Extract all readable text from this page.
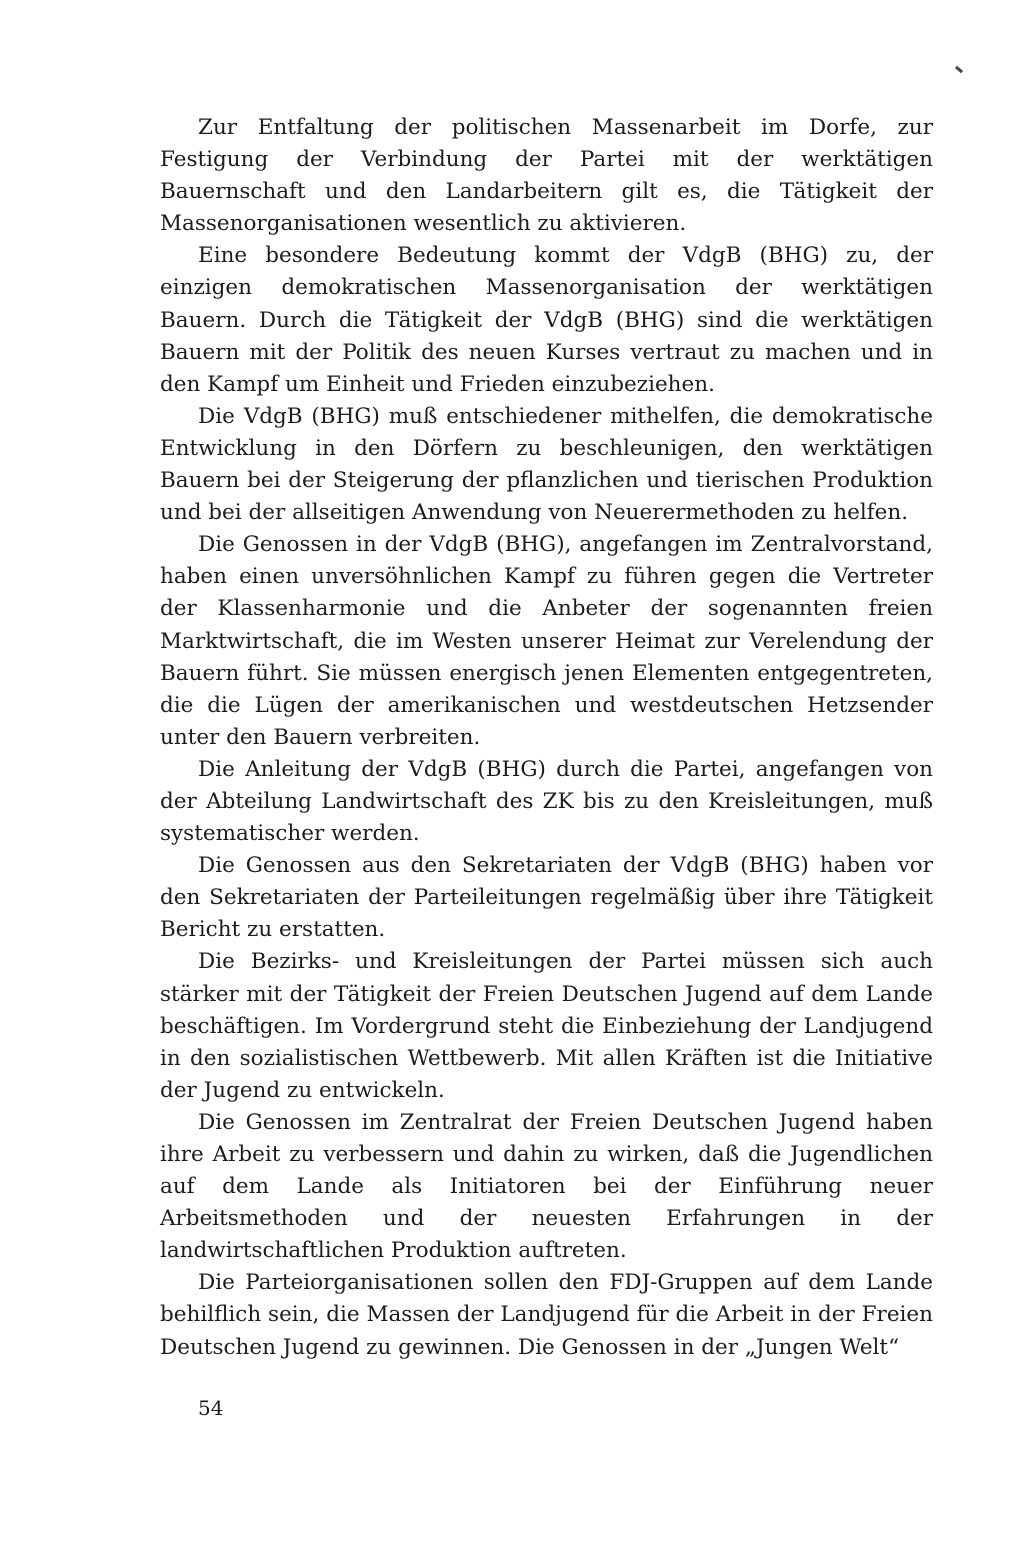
Zur Entfaltung der politischen Massenarbeit im Dorfe, zur Festigung der Verbindung der Partei mit der werktätigen Bauernschaft und den Landarbeitern gilt es, die Tätigkeit der Massenorganisationen wesentlich zu aktivieren.

Eine besondere Bedeutung kommt der VdgB (BHG) zu, der einzigen demokratischen Massenorganisation der werktätigen Bauern. Durch die Tätigkeit der VdgB (BHG) sind die werktätigen Bauern mit der Politik des neuen Kurses vertraut zu machen und in den Kampf um Einheit und Frieden einzubeziehen.

Die VdgB (BHG) muß entschiedener mithelfen, die demokratische Entwicklung in den Dörfern zu beschleunigen, den werktätigen Bauern bei der Steigerung der pflanzlichen und tierischen Produktion und bei der allseitigen Anwendung von Neuerermethoden zu helfen.

Die Genossen in der VdgB (BHG), angefangen im Zentralvorstand, haben einen unversöhnlichen Kampf zu führen gegen die Vertreter der Klassenharmonie und die Anbeter der sogenannten freien Marktwirtschaft, die im Westen unserer Heimat zur Verelendung der Bauern führt. Sie müssen energisch jenen Elementen entgegentreten, die die Lügen der amerikanischen und westdeutschen Hetzsender unter den Bauern verbreiten.

Die Anleitung der VdgB (BHG) durch die Partei, angefangen von der Abteilung Landwirtschaft des ZK bis zu den Kreisleitungen, muß systematischer werden.

Die Genossen aus den Sekretariaten der VdgB (BHG) haben vor den Sekretariaten der Parteileitungen regelmäßig über ihre Tätigkeit Bericht zu erstatten.

Die Bezirks- und Kreisleitungen der Partei müssen sich auch stärker mit der Tätigkeit der Freien Deutschen Jugend auf dem Lande beschäftigen. Im Vordergrund steht die Einbeziehung der Landjugend in den sozialistischen Wettbewerb. Mit allen Kräften ist die Initiative der Jugend zu entwickeln.

Die Genossen im Zentralrat der Freien Deutschen Jugend haben ihre Arbeit zu verbessern und dahin zu wirken, daß die Jugendlichen auf dem Lande als Initiatoren bei der Einführung neuer Arbeitsmethoden und der neuesten Erfahrungen in der landwirtschaftlichen Produktion auftreten.

Die Parteiorganisationen sollen den FDJ-Gruppen auf dem Lande behilflich sein, die Massen der Landjugend für die Arbeit in der Freien Deutschen Jugend zu gewinnen. Die Genossen in der „Jungen Welt“

54
